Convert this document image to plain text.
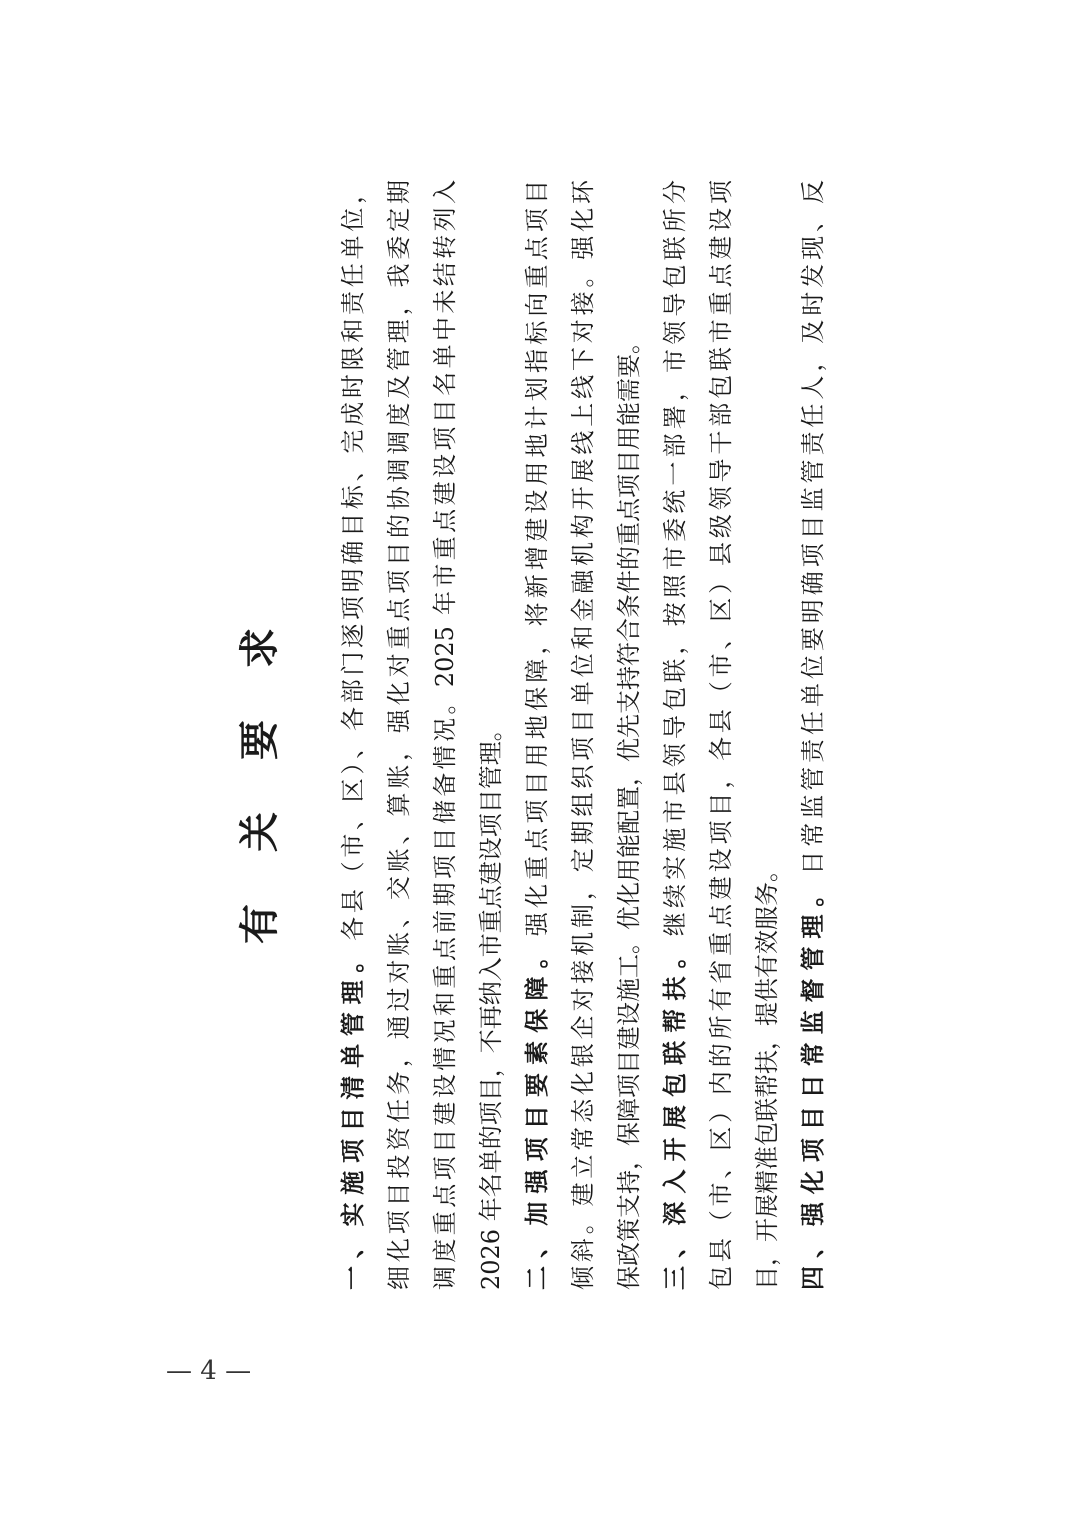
有关要求
一、实施项目清单管理。各县（市、区）、各部门逐项明确目标、完成时限和责任单位， 细化项目投资任务，通过对账、交账、算账，强化对重点项目的协调调度及管理，我委定期 调度重点项目建设情况和重点前期项目储备情况。2025 年市重点建设项目名单中未结转列入 2026 年名单的项目，不再纳入市重点建设项目管理。 二、加强项目要素保障。强化重点项目用地保障，将新增建设用地计划指标向重点项目 倾斜。建立常态化银企对接机制，定期组织项目单位和金融机构开展线上线下对接。强化环 保政策支持，保障项目建设施工。优化用能配置，优先支持符合条件的重点项目用能需要。 三、深入开展包联帮扶。继续实施市县领导包联，按照市委统一部署，市领导包联所分 包县（市、区）内的所有省重点建设项目，各县（市、区）县级领导干部包联市重点建设项 目，开展精准包联帮扶，提供有效服务。 四、强化项目日常监督管理。日常监管责任单位要明确项目监管责任人，及时发现、反
— 4 —
